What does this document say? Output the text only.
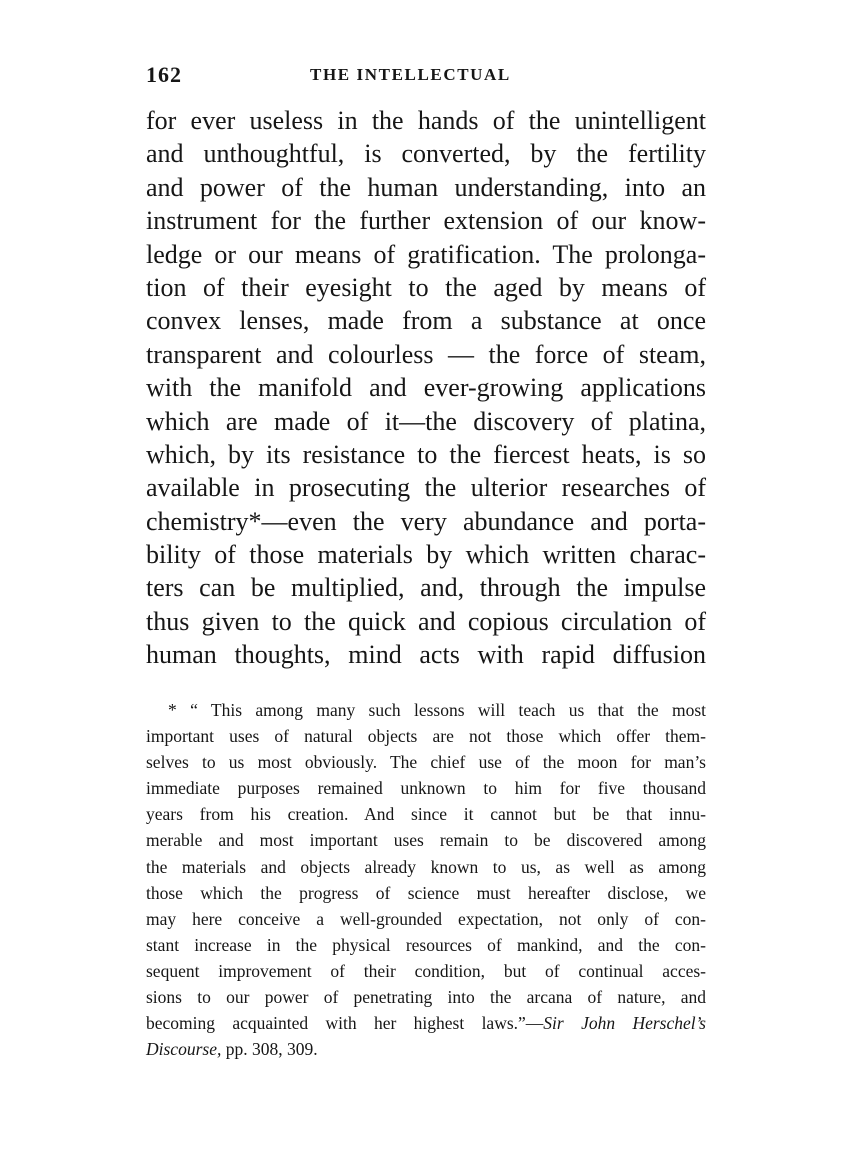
162	THE INTELLECTUAL
for ever useless in the hands of the unintelligent
and unthoughtful, is converted, by the fertility
and power of the human understanding, into an
instrument for the further extension of our know-
ledge or our means of gratification. The prolonga-
tion of their eyesight to the aged by means of
convex lenses, made from a substance at once
transparent and colourless — the force of steam,
with the manifold and ever-growing applications
which are made of it—the discovery of platina,
which, by its resistance to the fiercest heats, is so
available in prosecuting the ulterior researches of
chemistry*—even the very abundance and porta-
bility of those materials by which written charac-
ters can be multiplied, and, through the impulse
thus given to the quick and copious circulation of
human thoughts, mind acts with rapid diffusion
* “ This among many such lessons will teach us that the most
important uses of natural objects are not those which offer them-
selves to us most obviously. The chief use of the moon for man’s
immediate purposes remained unknown to him for five thousand
years from his creation. And since it cannot but be that innu-
merable and most important uses remain to be discovered among
the materials and objects already known to us, as well as among
those which the progress of science must hereafter disclose, we
may here conceive a well-grounded expectation, not only of con-
stant increase in the physical resources of mankind, and the con-
sequent improvement of their condition, but of continual acces-
sions to our power of penetrating into the arcana of nature, and
becoming acquainted with her highest laws.”—Sir John Herschel’s
Discourse, pp. 308, 309.
